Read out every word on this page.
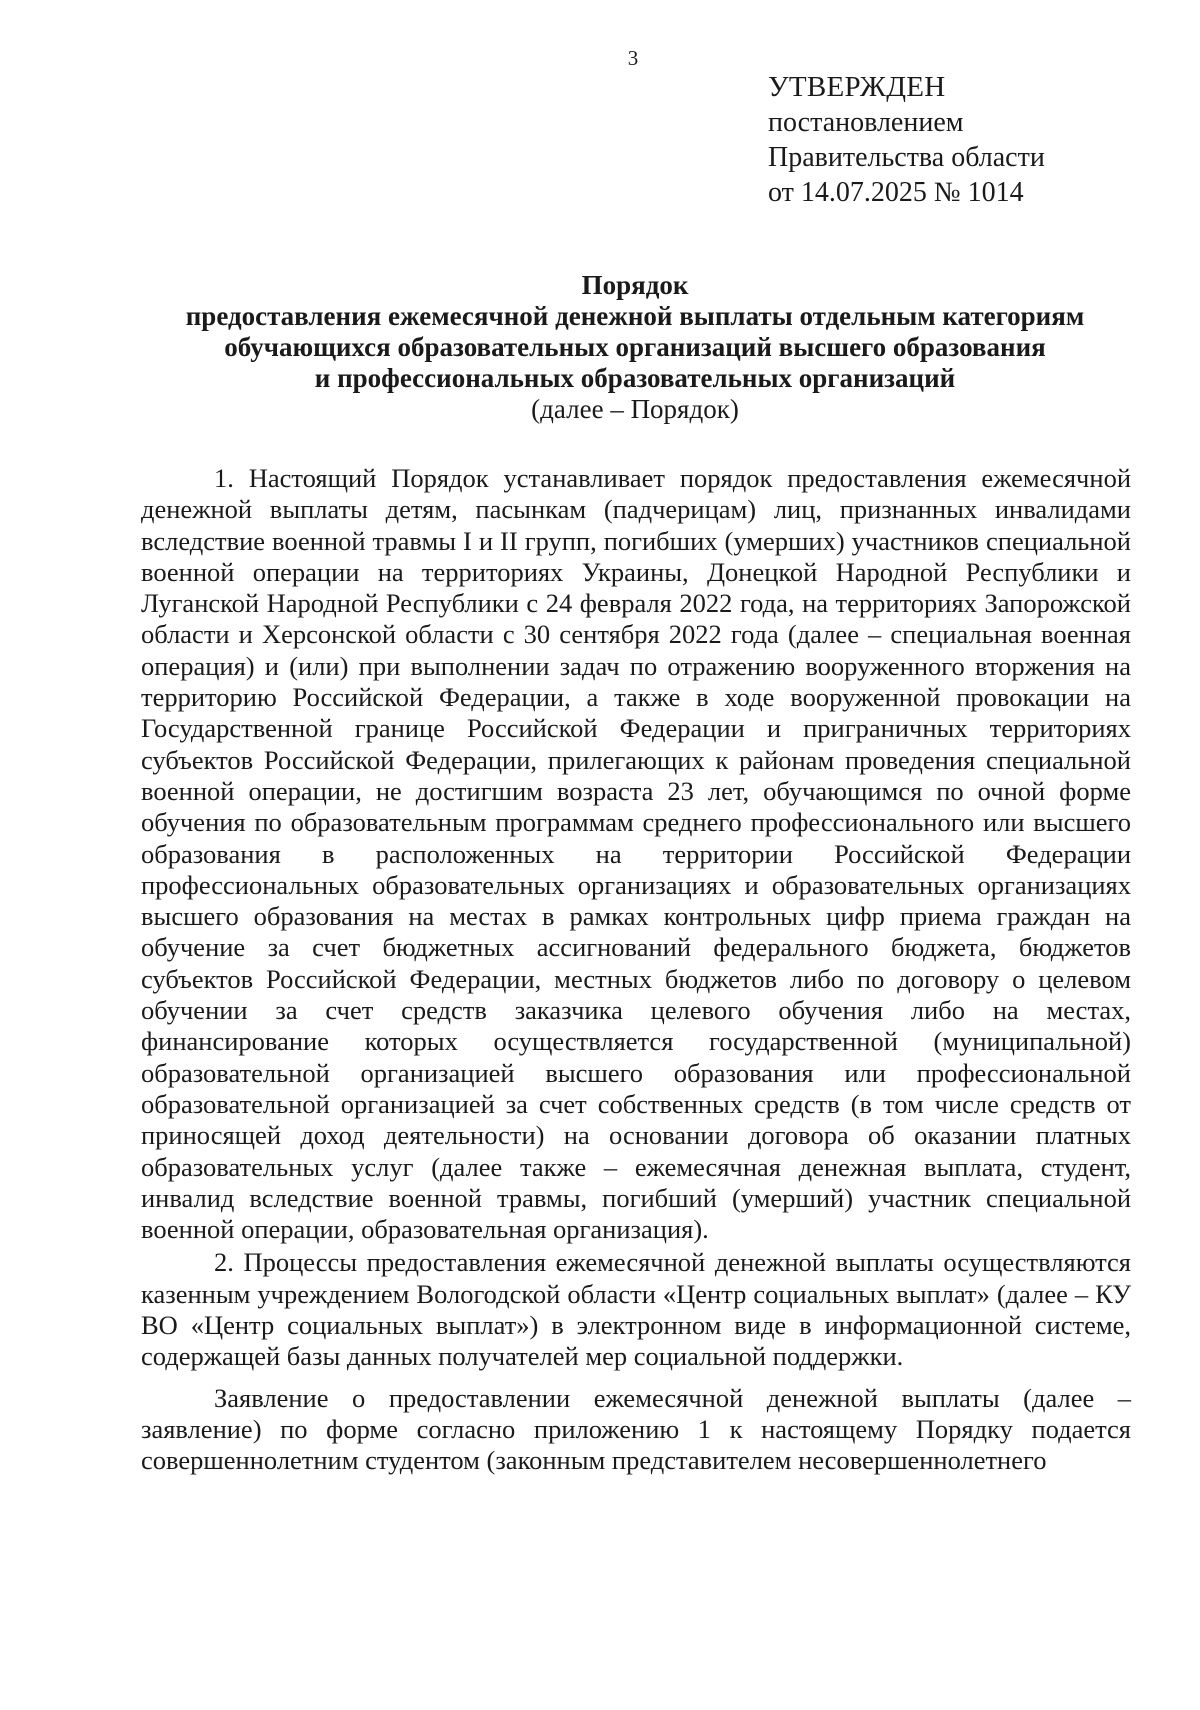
3
УТВЕРЖДЕН
постановлением
Правительства области
от 14.07.2025 № 1014
Порядок
предоставления ежемесячной денежной выплаты отдельным категориям
обучающихся образовательных организаций высшего образования
и профессиональных образовательных организаций
(далее – Порядок)

1. Настоящий Порядок устанавливает порядок предоставления ежемесячной денежной выплаты детям, пасынкам (падчерицам) лиц, признанных инвалидами вследствие военной травмы I и II групп, погибших (умерших) участников специальной военной операции на территориях Украины, Донецкой Народной Республики и Луганской Народной Республики с 24 февраля 2022 года, на территориях Запорожской области и Херсонской области с 30 сентября 2022 года (далее – специальная военная операция) и (или) при выполнении задач по отражению вооруженного вторжения на территорию Российской Федерации, а также в ходе вооруженной провокации на Государственной границе Российской Федерации и приграничных территориях субъектов Российской Федерации, прилегающих к районам проведения специальной военной операции, не достигшим возраста 23 лет, обучающимся по очной форме обучения по образовательным программам среднего профессионального или высшего образования в расположенных на территории Российской Федерации профессиональных образовательных организациях и образовательных организациях высшего образования на местах в рамках контрольных цифр приема граждан на обучение за счет бюджетных ассигнований федерального бюджета, бюджетов субъектов Российской Федерации, местных бюджетов либо по договору о целевом обучении за счет средств заказчика целевого обучения либо на местах, финансирование которых осуществляется государственной (муниципальной) образовательной организацией высшего образования или профессиональной образовательной организацией за счет собственных средств (в том числе средств от приносящей доход деятельности) на основании договора об оказании платных образовательных услуг (далее также – ежемесячная денежная выплата, студент, инвалид вследствие военной травмы, погибший (умерший) участник специальной военной операции, образовательная организация).

2. Процессы предоставления ежемесячной денежной выплаты осуществляются казенным учреждением Вологодской области «Центр социальных выплат» (далее – КУ ВО «Центр социальных выплат») в электронном виде в информационной системе, содержащей базы данных получателей мер социальной поддержки.

Заявление о предоставлении ежемесячной денежной выплаты (далее – заявление) по форме согласно приложению 1 к настоящему Порядку подается совершеннолетним студентом (законным представителем несовершеннолетнего
